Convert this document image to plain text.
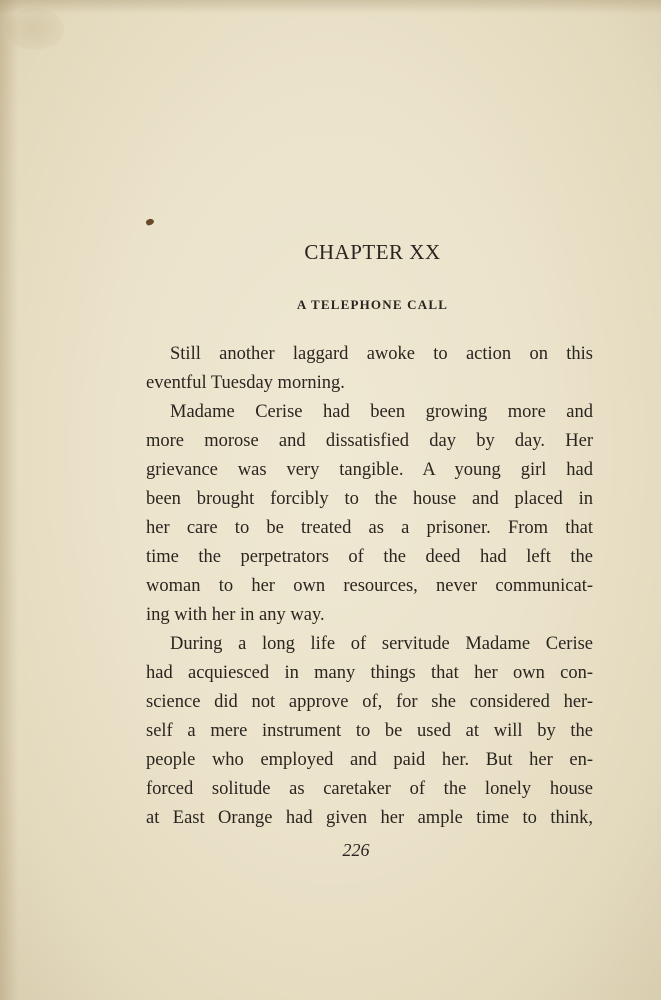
CHAPTER XX
A TELEPHONE CALL
Still another laggard awoke to action on this
eventful Tuesday morning.
Madame Cerise had been growing more and
more morose and dissatisfied day by day. Her
grievance was very tangible. A young girl had
been brought forcibly to the house and placed in
her care to be treated as a prisoner. From that
time the perpetrators of the deed had left the
woman to her own resources, never communicat-
ing with her in any way.
During a long life of servitude Madame Cerise
had acquiesced in many things that her own con-
science did not approve of, for she considered her-
self a mere instrument to be used at will by the
people who employed and paid her. But her en-
forced solitude as caretaker of the lonely house
at East Orange had given her ample time to think,
226
